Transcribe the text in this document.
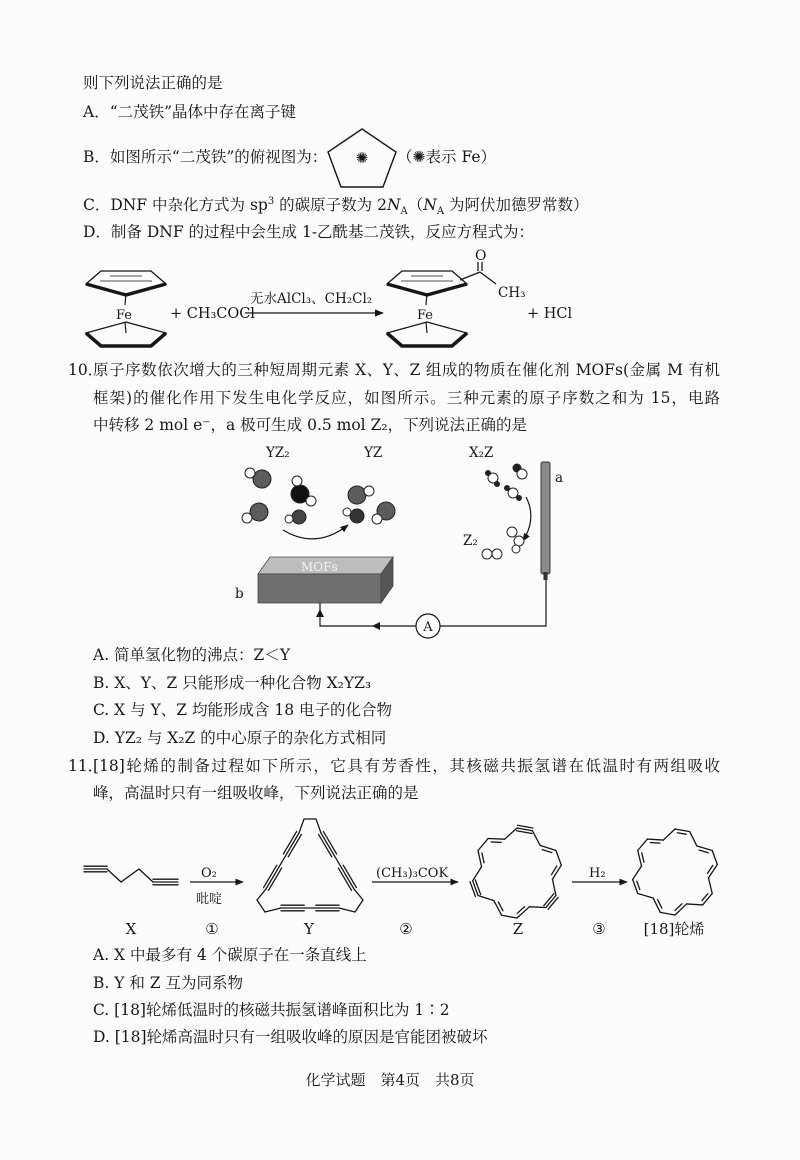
✺
Fe	+ CH₃COCl
无水AlCl₃、CH₂Cl₂
Fe
O
CH₃
+ HCl
YZ₂	YZ	X₂Z
Z₂
a
MOFs
b
A
O₂
吡啶
(CH₃)₃COK	H₂
则下列说法正确的是
A．“二茂铁”晶体中存在离子键
B．如图所示“二茂铁”的俯视图为：	（✺表示 Fe）
C．DNF 中杂化方式为 $sp^3$ 的碳原子数为 $2N_A(N_A$ 为阿伏加德罗常数）
D．制备 DNF 的过程中会生成 1-乙酰基二茂铁，反应方程式为：
10．
原子序数依次增大的三种短周期元素 X、Y、Z 组成的物质在催化剂 MOFs(金属 M 有机
框架)的催化作用下发生电化学反应，如图所示。三种元素的原子序数之和为 15，电路
中转移 2 mol e⁻，a 极可生成 0.5 mol Z₂，下列说法正确的是
A. 简单氢化物的沸点：Z＜Y
B. X、Y、Z 只能形成一种化合物 X₂YZ₃
C. X 与 Y、Z 均能形成含 18 电子的化合物
D. YZ₂ 与 X₂Z 的中心原子的杂化方式相同
11．
[18]轮烯的制备过程如下所示，它具有芳香性，其核磁共振氢谱在低温时有两组吸收
峰，高温时只有一组吸收峰，下列说法正确的是
X	①	Y	②	Z	③	[18]轮烯
A. X 中最多有 4 个碳原子在一条直线上
B. Y 和 Z 互为同系物
C. [18]轮烯低温时的核磁共振氢谱峰面积比为 1∶2
D. [18]轮烯高温时只有一组吸收峰的原因是官能团被破坏
化学试题　第4页　共8页
